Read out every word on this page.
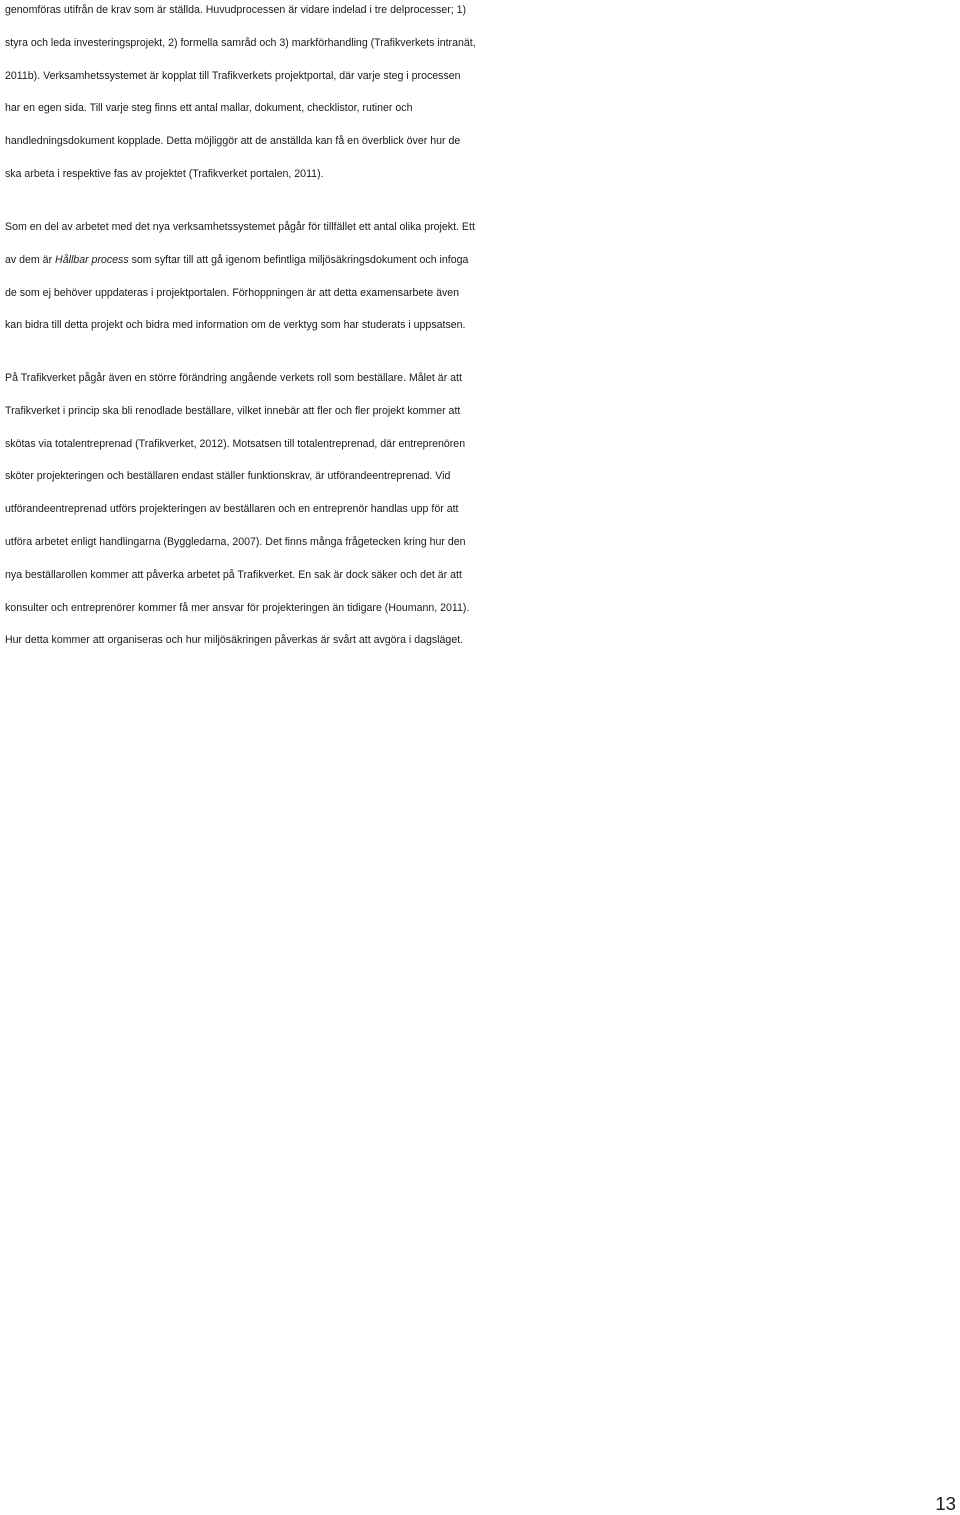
genomföras utifrån de krav som är ställda. Huvudprocessen är vidare indelad i tre delprocesser; 1)
styra och leda investeringsprojekt, 2) formella samråd och 3) markförhandling (Trafikverkets intranät,
2011b). Verksamhetssystemet är kopplat till Trafikverkets projektportal, där varje steg i processen
har en egen sida. Till varje steg finns ett antal mallar, dokument, checklistor, rutiner och
handledningsdokument kopplade. Detta möjliggör att de anställda kan få en överblick över hur de
ska arbeta i respektive fas av projektet (Trafikverket portalen, 2011).
Som en del av arbetet med det nya verksamhetssystemet pågår för tillfället ett antal olika projekt. Ett
av dem är Hållbar process som syftar till att gå igenom befintliga miljösäkringsdokument och infoga
de som ej behöver uppdateras i projektportalen. Förhoppningen är att detta examensarbete även
kan bidra till detta projekt och bidra med information om de verktyg som har studerats i uppsatsen.
På Trafikverket pågår även en större förändring angående verkets roll som beställare. Målet är att
Trafikverket i princip ska bli renodlade beställare, vilket innebär att fler och fler projekt kommer att
skötas via totalentreprenad (Trafikverket, 2012). Motsatsen till totalentreprenad, där entreprenören
sköter projekteringen och beställaren endast ställer funktionskrav, är utförandeentreprenad. Vid
utförandeentreprenad utförs projekteringen av beställaren och en entreprenör handlas upp för att
utföra arbetet enligt handlingarna (Byggledarna, 2007). Det finns många frågetecken kring hur den
nya beställarollen kommer att påverka arbetet på Trafikverket. En sak är dock säker och det är att
konsulter och entreprenörer kommer få mer ansvar för projekteringen än tidigare (Houmann, 2011).
Hur detta kommer att organiseras och hur miljösäkringen påverkas är svårt att avgöra i dagsläget.
13
